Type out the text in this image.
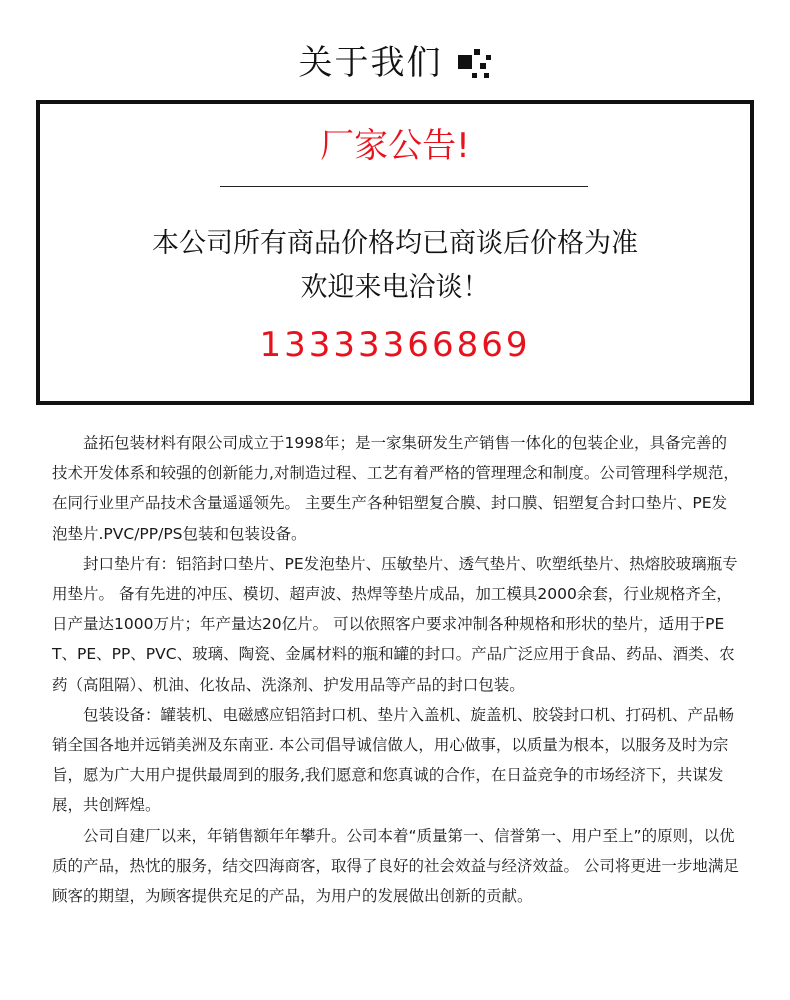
关于我们
厂家公告!
本公司所有商品价格均已商谈后价格为准
欢迎来电洽谈！
13333366869

益拓包装材料有限公司成立于1998年；是一家集研发生产销售一体化的包装企业，具备完善的技术开发体系和较强的创新能力,对制造过程、工艺有着严格的管理理念和制度。公司管理科学规范，在同行业里产品技术含量遥遥领先。 主要生产各种铝塑复合膜、封口膜、铝塑复合封口垫片、PE发泡垫片.PVC/PP/PS包装和包装设备。

封口垫片有：铝箔封口垫片、PE发泡垫片、压敏垫片、透气垫片、吹塑纸垫片、热熔胶玻璃瓶专用垫片。 备有先进的冲压、模切、超声波、热焊等垫片成品，加工模具2000余套，行业规格齐全，日产量达1000万片；年产量达20亿片。 可以依照客户要求冲制各种规格和形状的垫片，适用于PET、PE、PP、PVC、玻璃、陶瓷、金属材料的瓶和罐的封口。产品广泛应用于食品、药品、酒类、农药（高阻隔）、机油、化妆品、洗涤剂、护发用品等产品的封口包装。

包装设备：罐装机、电磁感应铝箔封口机、垫片入盖机、旋盖机、胶袋封口机、打码机、产品畅销全国各地并远销美洲及东南亚. 本公司倡导诚信做人，用心做事，以质量为根本，以服务及时为宗旨，愿为广大用户提供最周到的服务,我们愿意和您真诚的合作，在日益竞争的市场经济下，共谋发展，共创辉煌。

公司自建厂以来，年销售额年年攀升。公司本着“质量第一、信誉第一、用户至上”的原则，以优质的产品，热忱的服务，结交四海商客，取得了良好的社会效益与经济效益。 公司将更进一步地满足顾客的期望，为顾客提供充足的产品，为用户的发展做出创新的贡献。
